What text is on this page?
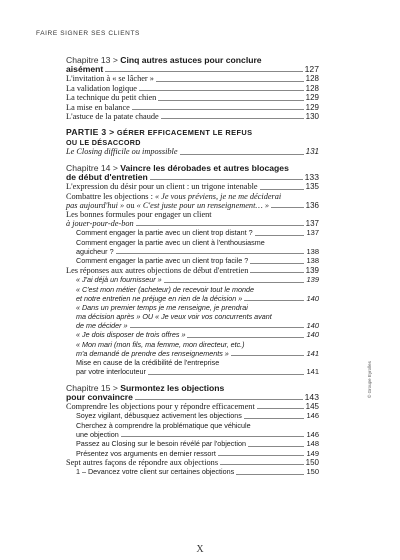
FAIRE SIGNER SES CLIENTS
Chapitre 13 > Cinq autres astuces pour conclure
aisément	127
L'invitation à « se lâcher »	128
La validation logique	128
La technique du petit chien	129
La mise en balance	129
L'astuce de la patate chaude	130
PARTIE 3 > GÉRER EFFICACEMENT LE REFUS
OU LE DÉSACCORD
Le Closing difficile ou impossible	131
Chapitre 14 > Vaincre les dérobades et autres blocages
de début d'entretien	133
L'expression du désir pour un client : un trigone intenable	135
Combattre les objections : « Je vous préviens, je ne me déciderai
pas aujourd'hui » ou « C'est juste pour un renseignement… »	136
Les bonnes formules pour engager un client
à jouer-pour-de-bon	137
Comment engager la partie avec un client trop distant ?	137
Comment engager la partie avec un client à l'enthousiasme
aguicheur ?	138
Comment engager la partie avec un client trop facile ?	138
Les réponses aux autres objections de début d'entretien	139
« J'ai déjà un fournisseur »	139
« C'est mon métier (acheteur) de recevoir tout le monde
et notre entretien ne préjuge en rien de la décision »	140
« Dans un premier temps je me renseigne, je prendrai
ma décision après » OU « Je veux voir vos concurrents avant
de me décider »	140
« Je dois disposer de trois offres »	140
« Mon mari (mon fils, ma femme, mon directeur, etc.)
m'a demandé de prendre des renseignements »	141
Mise en cause de la crédibilité de l'entreprise
par votre interlocuteur	141
Chapitre 15 > Surmontez les objections
pour convaincre	143
Comprendre les objections pour y répondre efficacement	145
Soyez vigilant, débusquez activement les objections	146
Cherchez à comprendre la problématique que véhicule
une objection	146
Passez au Closing sur le besoin révélé par l'objection	148
Présentez vos arguments en dernier ressort	149
Sept autres façons de répondre aux objections	150
1 – Devancez votre client sur certaines objections	150
© Groupe Eyrolles
X
